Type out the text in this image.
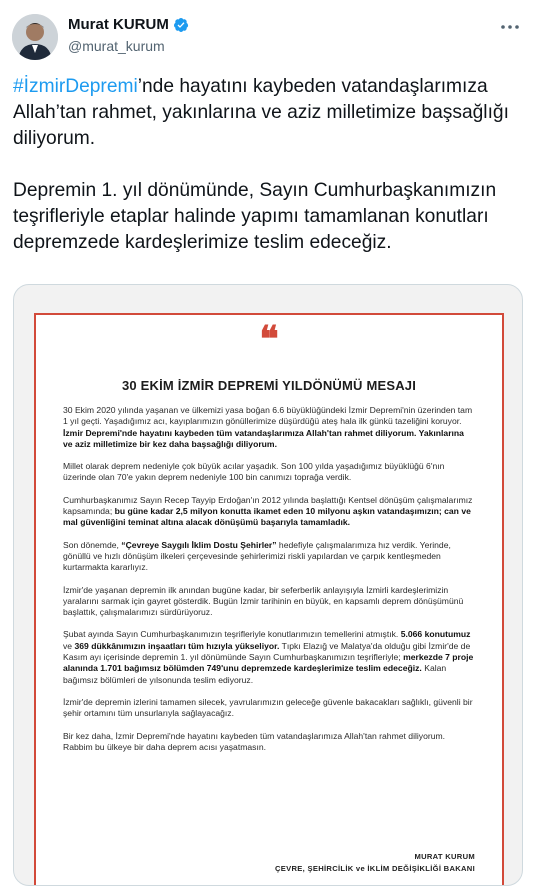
Murat KURUM
@murat_kurum

#İzmirDepremi’nde hayatını kaybeden vatandaşlarımıza Allah’tan rahmet, yakınlarına ve aziz milletimize başsağlığı diliyorum.

Depremin 1. yıl dönümünde, Sayın Cumhurbaşkanımızın teşrifleriyle etaplar halinde yapımı tamamlanan konutları depremzede kardeşlerimize teslim edeceğiz.

❝
30 EKİM İZMİR DEPREMİ YILDÖNÜMÜ MESAJI

30 Ekim 2020 yılında yaşanan ve ülkemizi yasa boğan 6.6 büyüklüğündeki İzmir Depremi'nin üzerinden tam 1 yıl geçti. Yaşadığımız acı, kayıplarımızın gönüllerimize düşürdüğü ateş hala ilk günkü tazeliğini koruyor. İzmir Depremi'nde hayatını kaybeden tüm vatandaşlarımıza Allah'tan rahmet diliyorum. Yakınlarına ve aziz milletimize bir kez daha başsağlığı diliyorum.

Millet olarak deprem nedeniyle çok büyük acılar yaşadık. Son 100 yılda yaşadığımız büyüklüğü 6'nın üzerinde olan 70'e yakın deprem nedeniyle 100 bin canımızı toprağa verdik.

Cumhurbaşkanımız Sayın Recep Tayyip Erdoğan'ın 2012 yılında başlattığı Kentsel dönüşüm çalışmalarımız kapsamında; bu güne kadar 2,5 milyon konutta ikamet eden 10 milyonu aşkın vatandaşımızın; can ve mal güvenliğini teminat altına alacak dönüşümü başarıyla tamamladık.

Son dönemde, “Çevreye Saygılı İklim Dostu Şehirler” hedefiyle çalışmalarımıza hız verdik. Yerinde, gönüllü ve hızlı dönüşüm ilkeleri çerçevesinde şehirlerimizi riskli yapılardan ve çarpık kentleşmeden kurtarmakta kararlıyız.

İzmir'de yaşanan depremin ilk anından bugüne kadar, bir seferberlik anlayışıyla İzmirli kardeşlerimizin yaralarını sarmak için gayret gösterdik. Bugün İzmir tarihinin en büyük, en kapsamlı deprem dönüşümünü başlattık, çalışmalarımızı sürdürüyoruz.

Şubat ayında Sayın Cumhurbaşkanımızın teşrifleriyle konutlarımızın temellerini atmıştık. 5.066 konutumuz ve 369 dükkânımızın inşaatları tüm hızıyla yükseliyor. Tıpkı Elazığ ve Malatya'da olduğu gibi İzmir'de de Kasım ayı içerisinde depremin 1. yıl dönümünde Sayın Cumhurbaşkanımızın teşrifleriyle; merkezde 7 proje alanında 1.701 bağımsız bölümden 749'unu depremzede kardeşlerimize teslim edeceğiz. Kalan bağımsız bölümleri de yılsonunda teslim ediyoruz.

İzmir'de depremin izlerini tamamen silecek, yavrularımızın geleceğe güvenle bakacakları sağlıklı, güvenli bir şehir ortamını tüm unsurlarıyla sağlayacağız.

Bir kez daha, İzmir Depremi'nde hayatını kaybeden tüm vatandaşlarımıza Allah'tan rahmet diliyorum. Rabbim bu ülkeye bir daha deprem acısı yaşatmasın.

MURAT KURUM
ÇEVRE, ŞEHİRCİLİK ve İKLİM DEĞİŞİKLİĞİ BAKANI
